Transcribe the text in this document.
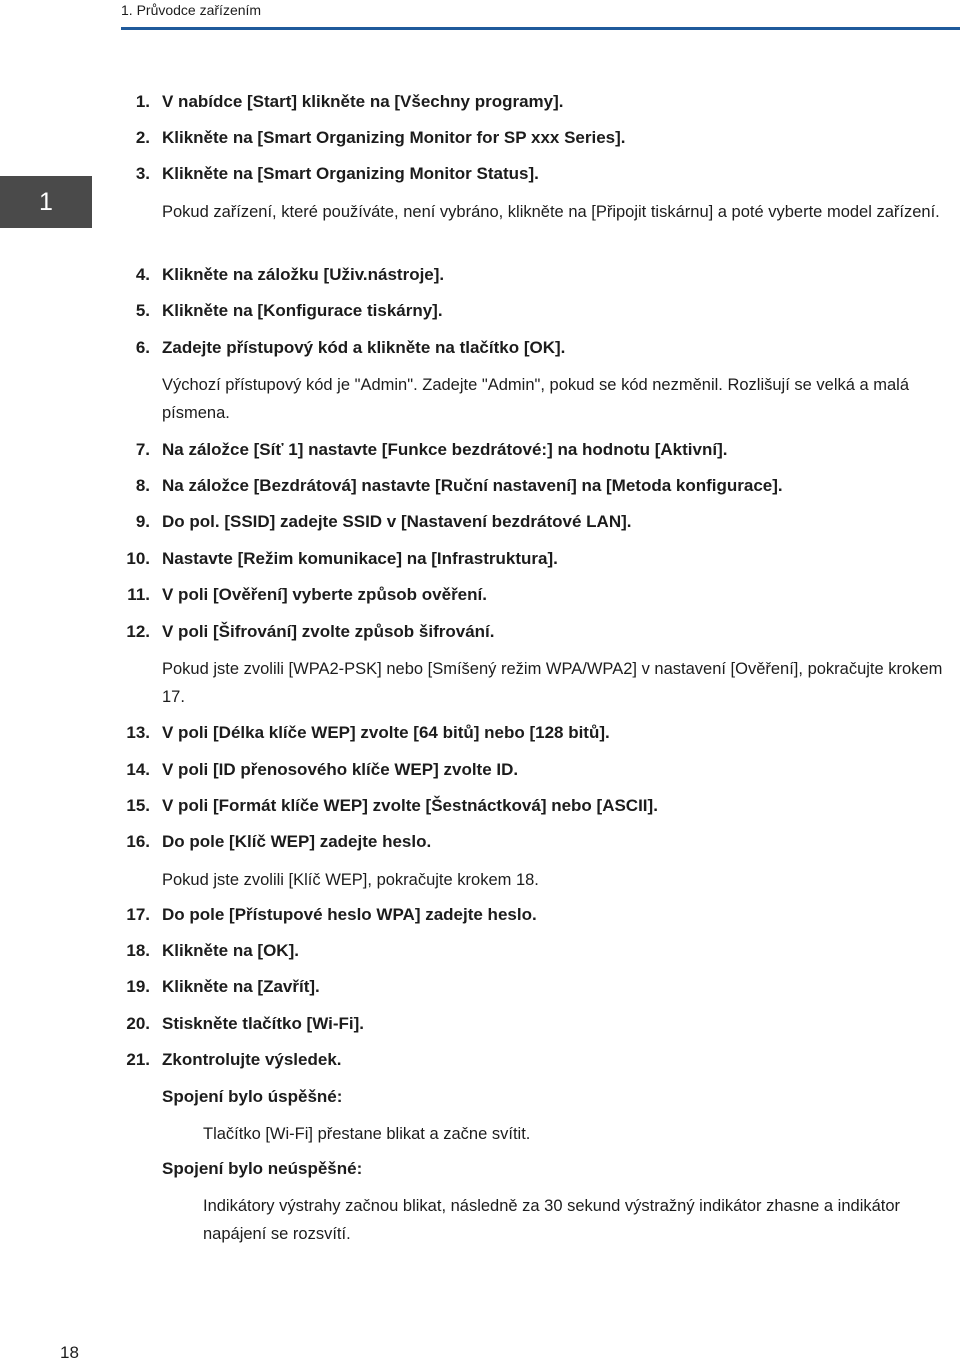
1. Průvodce zařízením
1
1. V nabídce [Start] klikněte na [Všechny programy].
2. Klikněte na [Smart Organizing Monitor for SP xxx Series].
3. Klikněte na [Smart Organizing Monitor Status].
Pokud zařízení, které používáte, není vybráno, klikněte na [Připojit tiskárnu] a poté vyberte model zařízení.
4. Klikněte na záložku [Uživ.nástroje].
5. Klikněte na [Konfigurace tiskárny].
6. Zadejte přístupový kód a klikněte na tlačítko [OK].
Výchozí přístupový kód je "Admin". Zadejte "Admin", pokud se kód nezměnil. Rozlišují se velká a malá písmena.
7. Na záložce [Síť 1] nastavte [Funkce bezdrátové:] na hodnotu [Aktivní].
8. Na záložce [Bezdrátová] nastavte [Ruční nastavení] na [Metoda konfigurace].
9. Do pol. [SSID] zadejte SSID v [Nastavení bezdrátové LAN].
10. Nastavte [Režim komunikace] na [Infrastruktura].
11. V poli [Ověření] vyberte způsob ověření.
12. V poli [Šifrování] zvolte způsob šifrování.
Pokud jste zvolili [WPA2-PSK] nebo [Smíšený režim WPA/WPA2] v nastavení [Ověření], pokračujte krokem 17.
13. V poli [Délka klíče WEP] zvolte [64 bitů] nebo [128 bitů].
14. V poli [ID přenosového klíče WEP] zvolte ID.
15. V poli [Formát klíče WEP] zvolte [Šestnáctková] nebo [ASCII].
16. Do pole [Klíč WEP] zadejte heslo.
Pokud jste zvolili [Klíč WEP], pokračujte krokem 18.
17. Do pole [Přístupové heslo WPA] zadejte heslo.
18. Klikněte na [OK].
19. Klikněte na [Zavřít].
20. Stiskněte tlačítko [Wi-Fi].
21. Zkontrolujte výsledek.
Spojení bylo úspěšné:
Tlačítko [Wi-Fi] přestane blikat a začne svítit.
Spojení bylo neúspěšné:
Indikátory výstrahy začnou blikat, následně za 30 sekund výstražný indikátor zhasne a indikátor napájení se rozsvítí.
18
